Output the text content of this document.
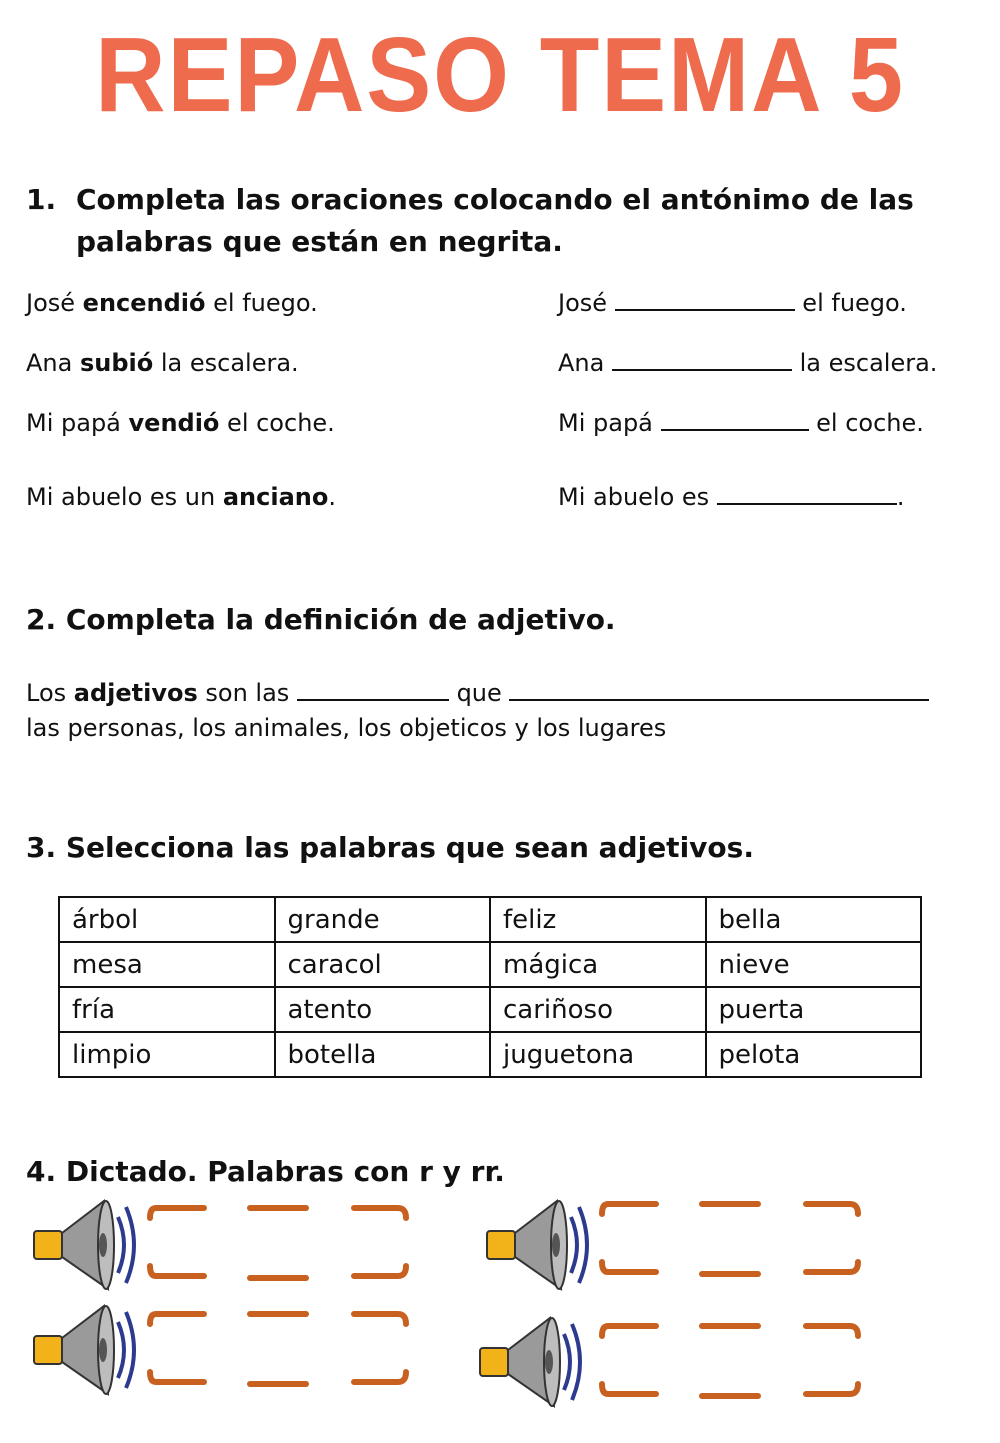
REPASO TEMA 5
1. Completa las oraciones colocando el antónimo de las
palabras que están en negrita.
José encendió el fuego.	José	el fuego.
Ana subió la escalera.	Ana	la escalera.
Mi papá vendió el coche.	Mi papá	el coche.
Mi abuelo es un anciano.	Mi abuelo es	.
2. Completa la definición de adjetivo.
Los adjetivos son las	que
las personas, los animales, los objeticos y los lugares
3. Selecciona las palabras que sean adjetivos.
árbol	grande	feliz	bella
mesa	caracol	mágica	nieve
fría	atento	cariñoso	puerta
limpio	botella	juguetona	pelota
4. Dictado. Palabras con r y rr.
